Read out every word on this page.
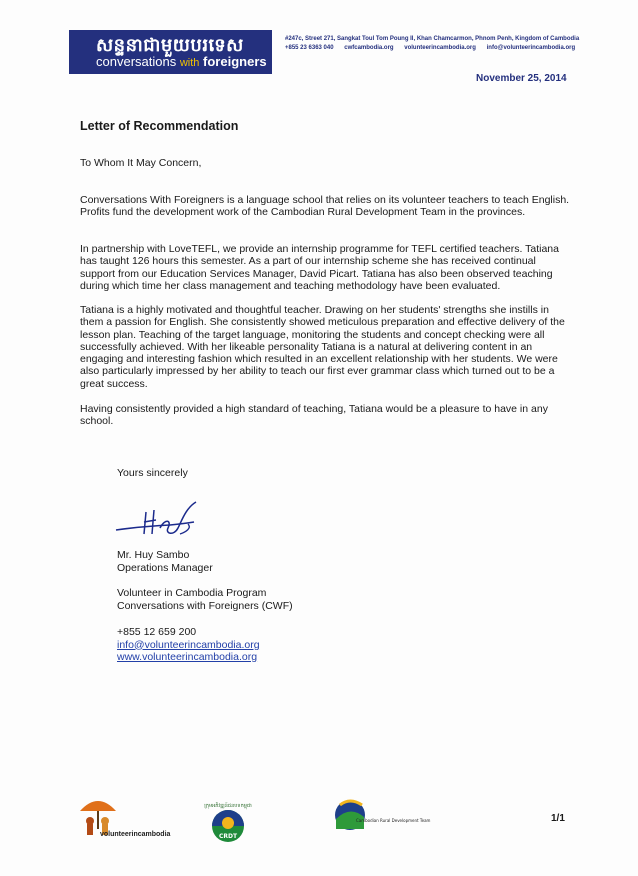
សន្ទនាជាមួយបរទេស
conversations with foreigners
#247c, Street 271, Sangkat Toul Tom Poung II, Khan Chamcarmon, Phnom Penh, Kingdom of Cambodia
+855 23 6363 040 cwfcambodia.org volunteerincambodia.org info@volunteerincambodia.org
November 25, 2014
Letter of Recommendation
To Whom It May Concern,
Conversations With Foreigners is a language school that relies on its volunteer teachers to teach English. Profits fund the development work of the Cambodian Rural Development Team in the provinces.
In partnership with LoveTEFL, we provide an internship programme for TEFL certified teachers. Tatiana has taught 126 hours this semester. As a part of our internship scheme she has received continual support from our Education Services Manager, David Picart. Tatiana has also been observed teaching during which time her class management and teaching methodology have been evaluated.
Tatiana is a highly motivated and thoughtful teacher. Drawing on her students' strengths she instills in them a passion for English. She consistently showed meticulous preparation and effective delivery of the lesson plan. Teaching of the target language, monitoring the students and concept checking were all successfully achieved. With her likeable personality Tatiana is a natural at delivering content in an engaging and interesting fashion which resulted in an excellent relationship with her students. We were also particularly impressed by her ability to teach our first ever grammar class which turned out to be a great success.
Having consistently provided a high standard of teaching, Tatiana would be a pleasure to have in any school.
Yours sincerely
Mr. Huy Sambo
Operations Manager
Volunteer in Cambodia Program
Conversations with Foreigners (CWF)
+855 12 659 200
info@volunteerincambodia.org
www.volunteerincambodia.org
volunteerincambodia
ក្រុមអភិវឌ្ឍន៍ជនបទកម្ពុជា
CRDT
Cambodian Rural Development Team	1/1
